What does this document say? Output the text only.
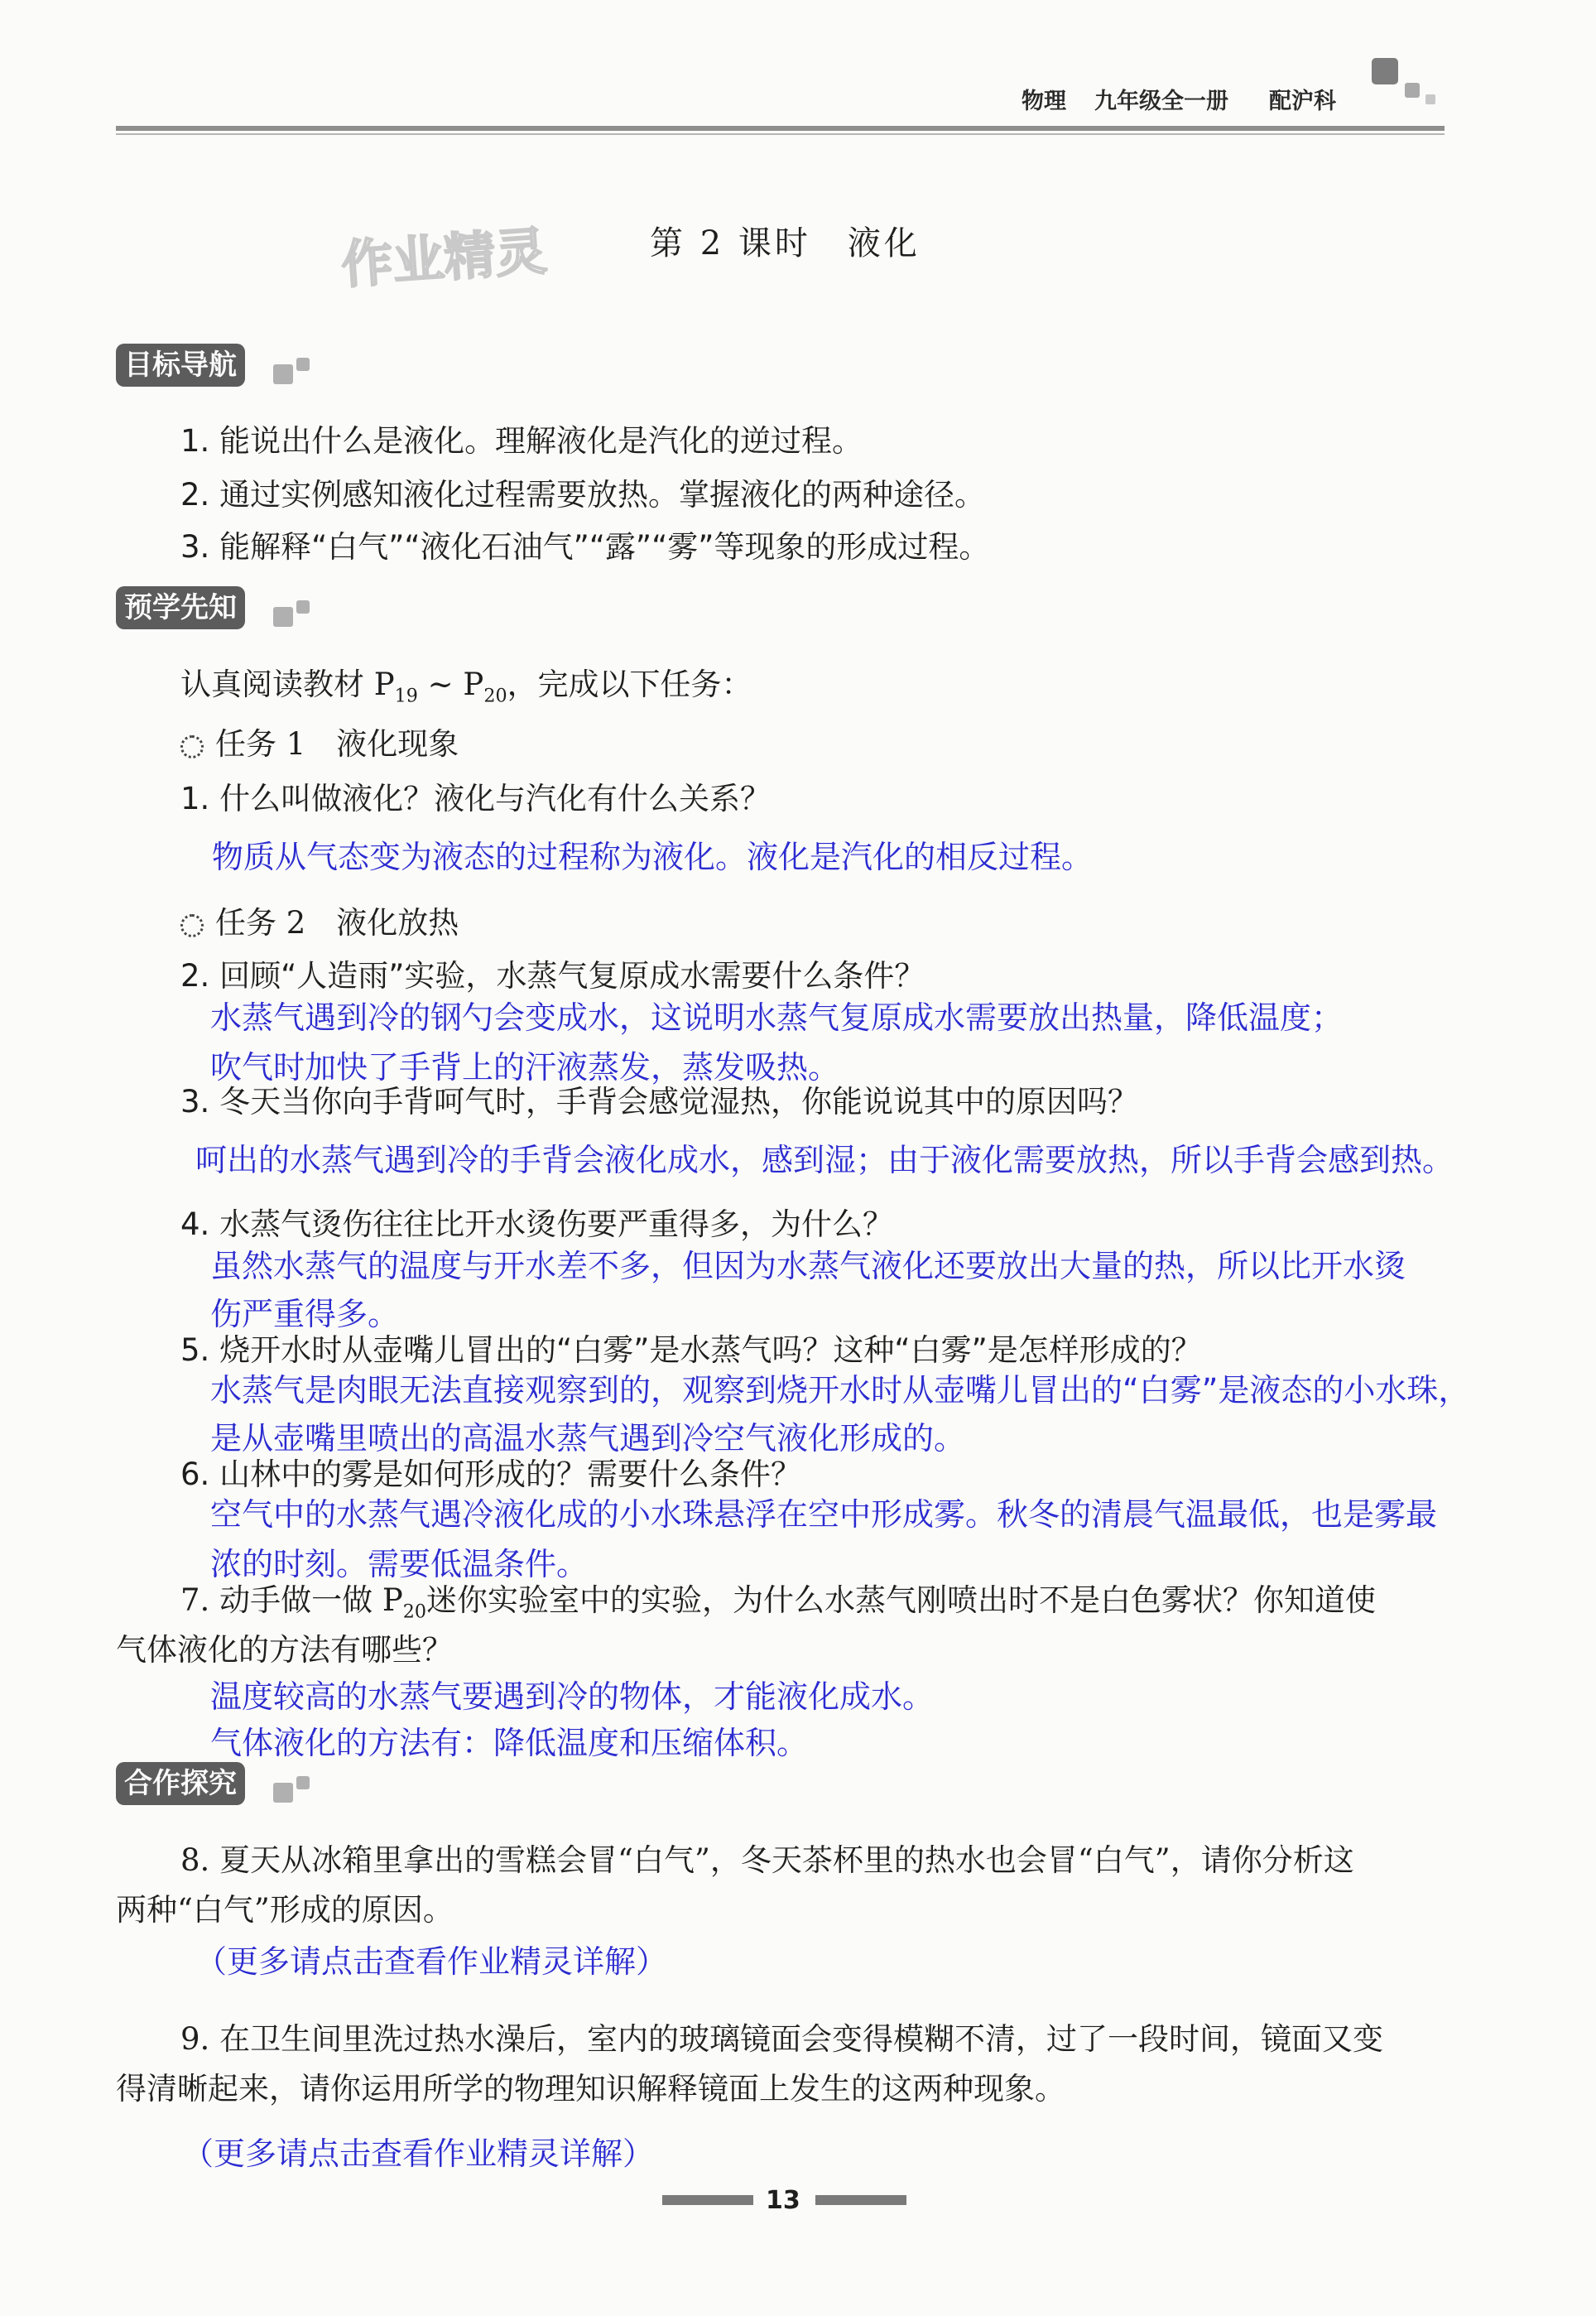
物理 九年级全一册 配沪科
作业精灵	第 2 课时　液化
目标导航
1. 能说出什么是液化。理解液化是汽化的逆过程。
2. 通过实例感知液化过程需要放热。掌握液化的两种途径。
3. 能解释“白气”“液化石油气”“露”“雾”等现象的形成过程。
预学先知
认真阅读教材 $P_{19}$ ~ $P_{20}$，完成以下任务：
任务 1　液化现象
1. 什么叫做液化？液化与汽化有什么关系？
物质从气态变为液态的过程称为液化。液化是汽化的相反过程。
任务 2　液化放热
2. 回顾“人造雨”实验，水蒸气复原成水需要什么条件？
水蒸气遇到冷的钢勺会变成水，这说明水蒸气复原成水需要放出热量，降低温度；
吹气时加快了手背上的汗液蒸发，蒸发吸热。
3. 冬天当你向手背呵气时，手背会感觉湿热，你能说说其中的原因吗？
呵出的水蒸气遇到冷的手背会液化成水，感到湿；由于液化需要放热，所以手背会感到热。
4. 水蒸气烫伤往往比开水烫伤要严重得多，为什么？
虽然水蒸气的温度与开水差不多，但因为水蒸气液化还要放出大量的热，所以比开水烫
伤严重得多。
5. 烧开水时从壶嘴儿冒出的“白雾”是水蒸气吗？这种“白雾”是怎样形成的？
水蒸气是肉眼无法直接观察到的，观察到烧开水时从壶嘴儿冒出的“白雾”是液态的小水珠，
是从壶嘴里喷出的高温水蒸气遇到冷空气液化形成的。
6. 山林中的雾是如何形成的？需要什么条件？
空气中的水蒸气遇冷液化成的小水珠悬浮在空中形成雾。秋冬的清晨气温最低，也是雾最
浓的时刻。需要低温条件。
7. 动手做一做 $P_{20}$迷你实验室中的实验，为什么水蒸气刚喷出时不是白色雾状？你知道使
气体液化的方法有哪些？
温度较高的水蒸气要遇到冷的物体，才能液化成水。
气体液化的方法有：降低温度和压缩体积。
合作探究
8. 夏天从冰箱里拿出的雪糕会冒“白气”，冬天茶杯里的热水也会冒“白气”，请你分析这
两种“白气”形成的原因。
（更多请点击查看作业精灵详解）
9. 在卫生间里洗过热水澡后，室内的玻璃镜面会变得模糊不清，过了一段时间，镜面又变
得清晰起来，请你运用所学的物理知识解释镜面上发生的这两种现象。
（更多请点击查看作业精灵详解）
13
